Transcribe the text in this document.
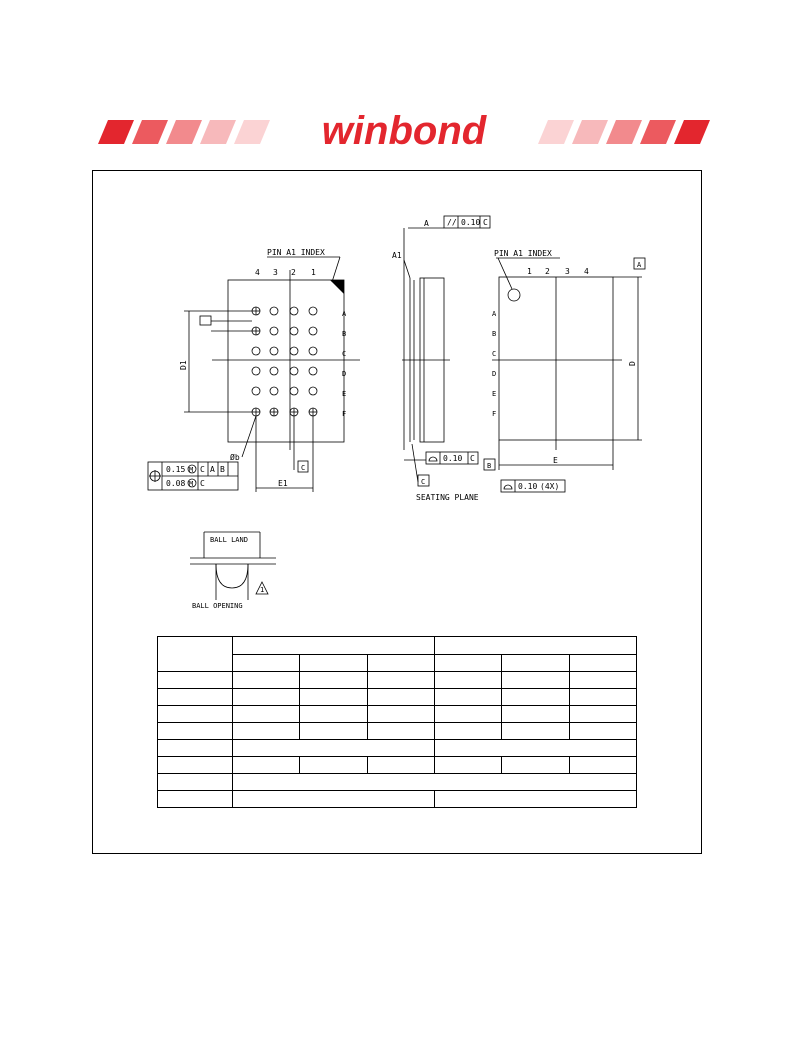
winbond
4 3 2 1
A
B
C
D
E
F
PIN A1 INDEX
D1
Øb
0.15 M C A B
0.08 M C	E1
C
A // 0.10 C
A1
0.10 C
C
SEATING PLANE
PIN A1 INDEX
1 2 3 4
A
B
C
D
E
F
D
A
E
B
0.10 (4X)
BALL LAND
BALL OPENING
1
